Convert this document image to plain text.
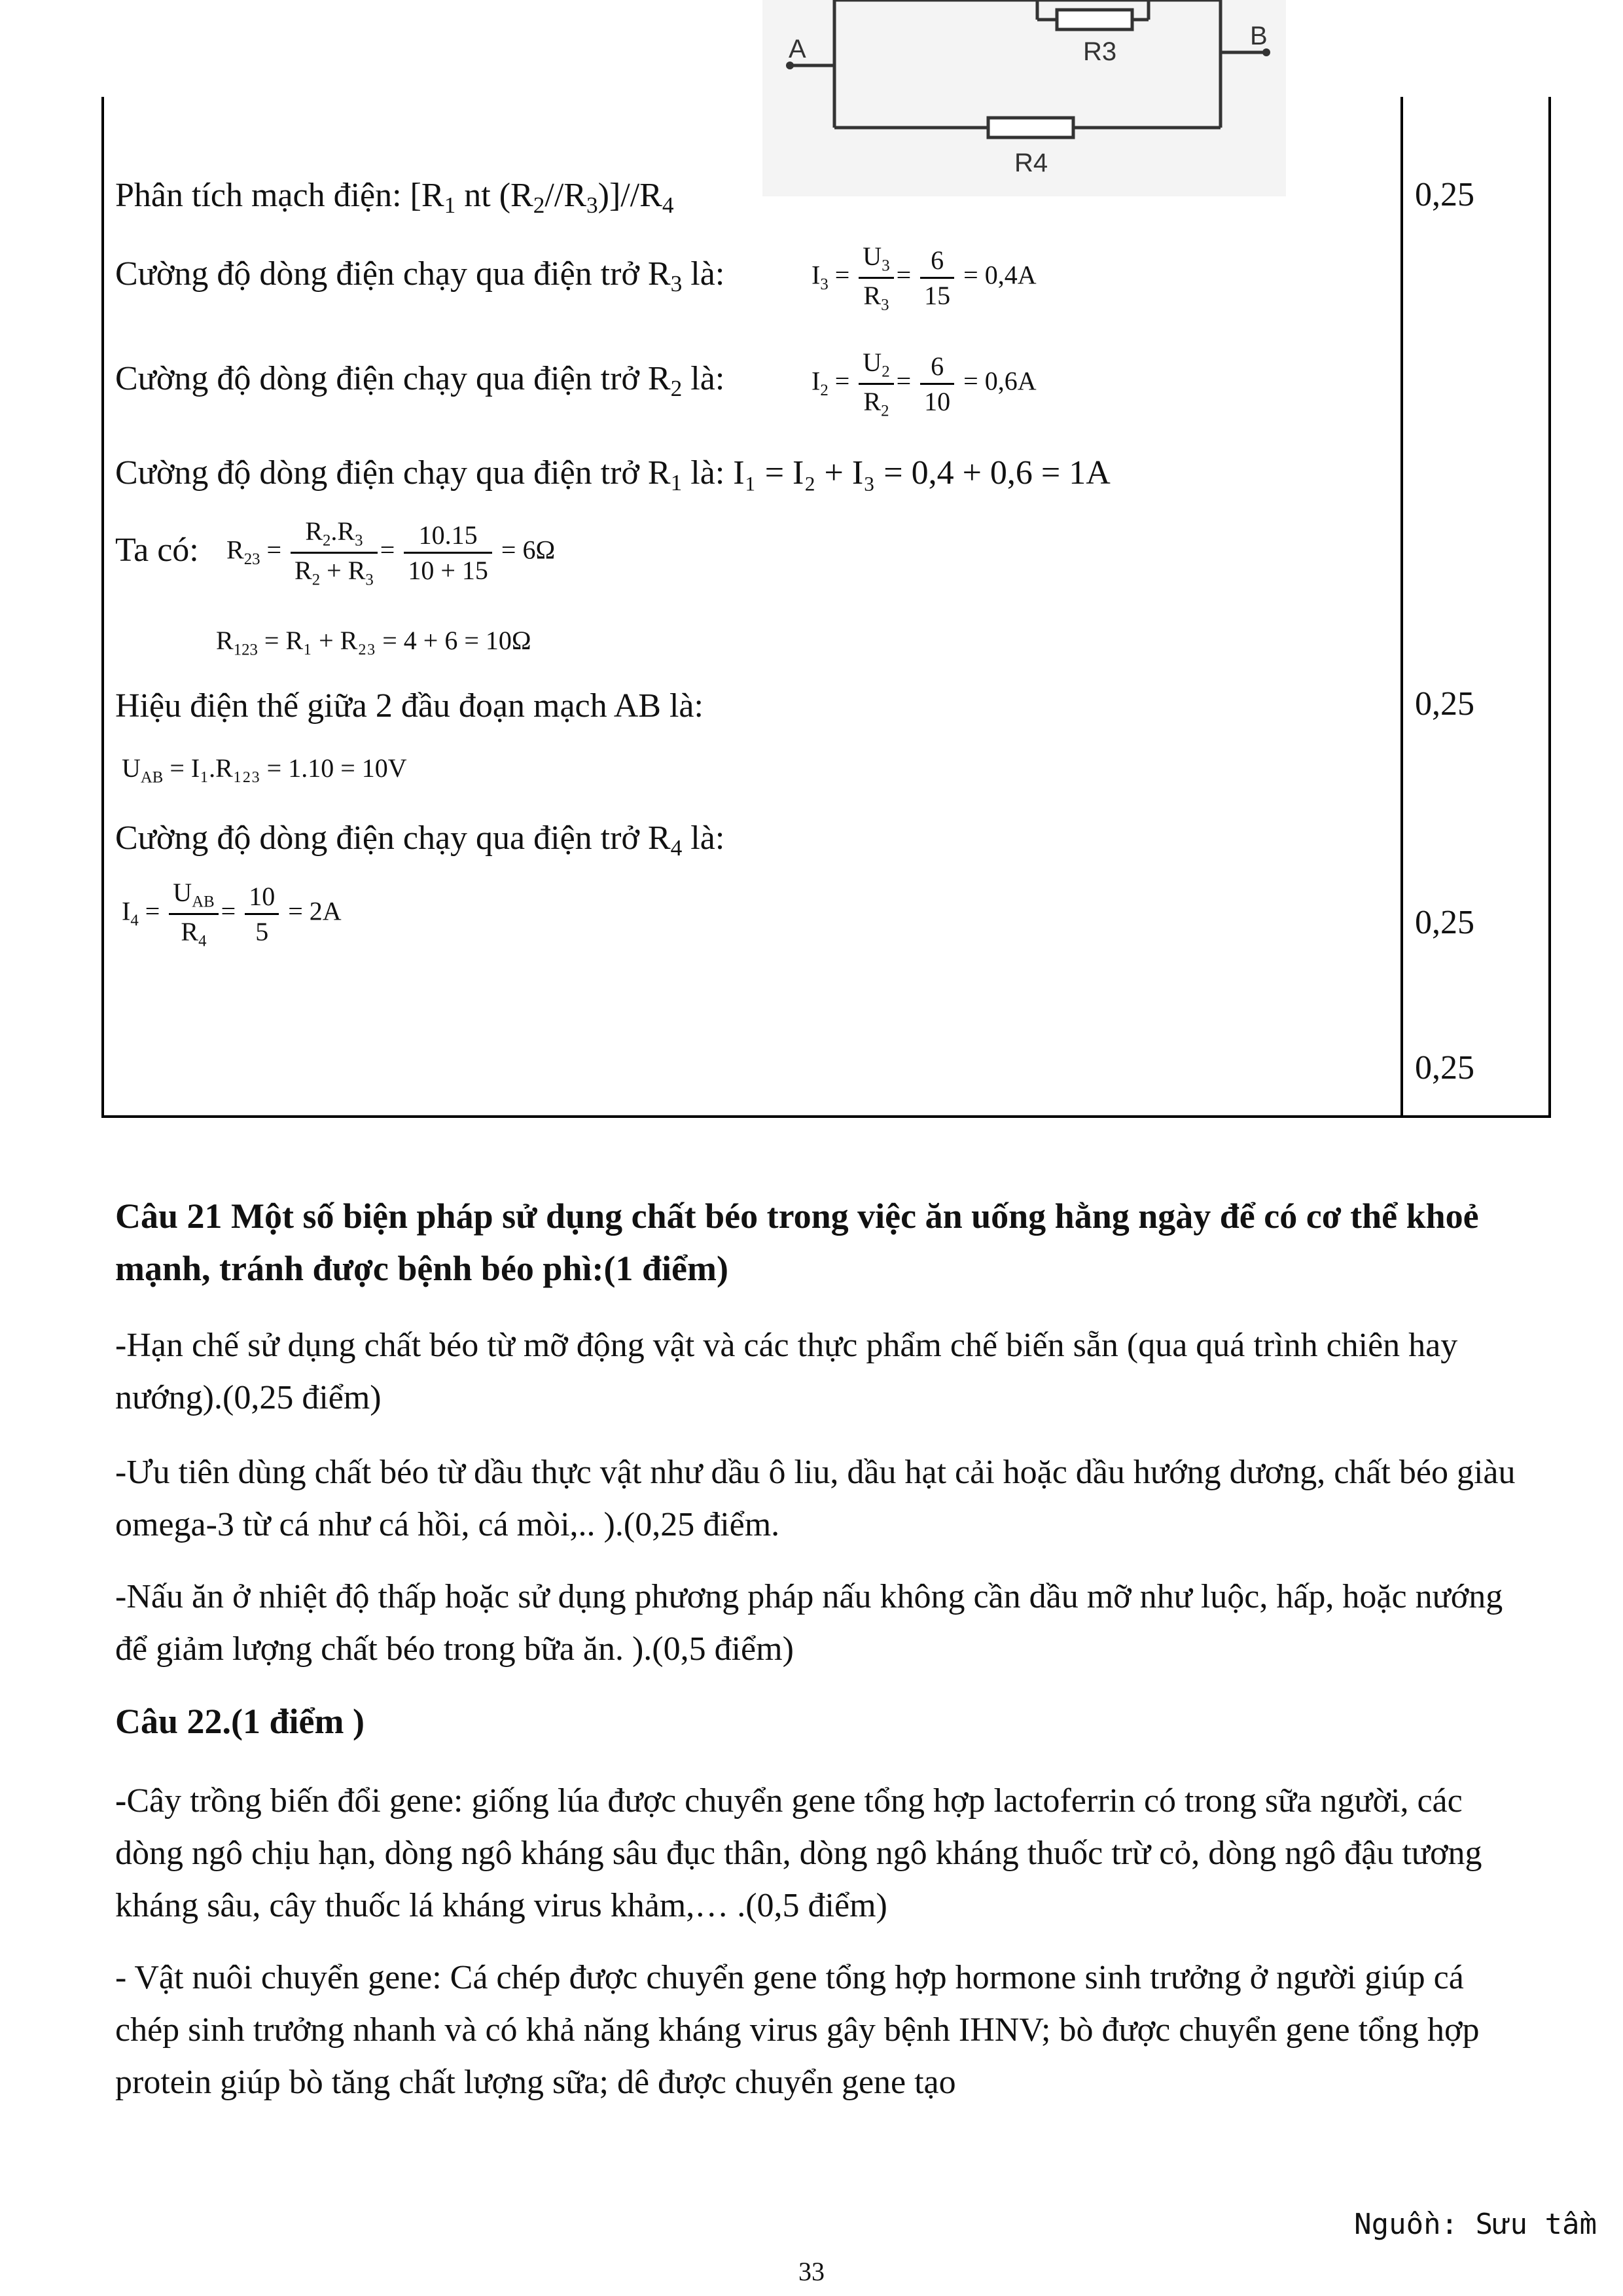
A	R3
B
R4
Phân tích mạch điện: [$R_1$ nt $(R_2//R_3)]//R_4$	0,25
Cường độ dòng điện chạy qua điện trở $R_3$ là:	$I_3 = \frac{U_3}{R_3} = \frac{6}{15} = 0,4A$
Cường độ dòng điện chạy qua điện trở $R_2$ là:	$I_2 = \frac{U_2}{R_2} = \frac{6}{10} = 0,6A$
Cường độ dòng điện chạy qua điện trở $R_1$ là: I₁ = I₂ + I₃ = 0,4 + 0,6 = 1A
Ta có: $R_{23} = \frac{R_2.R_3}{R_2 + R_3} = \frac{10.15}{10 + 15} = 6\Omega$
$R_{123} = R_1 + R_{23} = 4 + 6 = 10\Omega$
Hiệu điện thế giữa 2 đầu đoạn mạch AB là:	0,25
$U_{AB} = I_1.R_{123} = 1.10 = 10V$
Cường độ dòng điện chạy qua điện trở $R_4$ là:
$I_4 = \frac{U_{AB}}{R_4} = \frac{10}{5} = 2A$	0,25
0,25
Câu 21 Một số biện pháp sử dụng chất béo trong việc ăn uống hằng ngày để có cơ thể khoẻ mạnh, tránh được bệnh béo phì:(1 điểm)
-Hạn chế sử dụng chất béo từ mỡ động vật và các thực phẩm chế biến sẵn (qua quá trình chiên hay nướng).(0,25 điểm)
-Ưu tiên dùng chất béo từ dầu thực vật như dầu ô liu, dầu hạt cải hoặc dầu hướng dương, chất béo giàu omega-3 từ cá như cá hồi, cá mòi,.. ).(0,25 điểm.
-Nấu ăn ở nhiệt độ thấp hoặc sử dụng phương pháp nấu không cần dầu mỡ như luộc, hấp, hoặc nướng để giảm lượng chất béo trong bữa ăn. ).(0,5 điểm)
Câu 22.(1 điểm )
-Cây trồng biến đổi gene: giống lúa được chuyển gene tổng hợp lactoferrin có trong sữa người, các dòng ngô chịu hạn, dòng ngô kháng sâu đục thân, dòng ngô kháng thuốc trừ cỏ, dòng ngô đậu tương kháng sâu, cây thuốc lá kháng virus khảm,… .(0,5 điểm)
- Vật nuôi chuyển gene: Cá chép được chuyển gene tổng hợp hormone sinh trưởng ở người giúp cá chép sinh trưởng nhanh và có khả năng kháng virus gây bệnh IHNV; bò được chuyển gene tổng hợp protein giúp bò tăng chất lượng sữa; dê được chuyển gene tạo
Nguồn: Sưu tầm
33
